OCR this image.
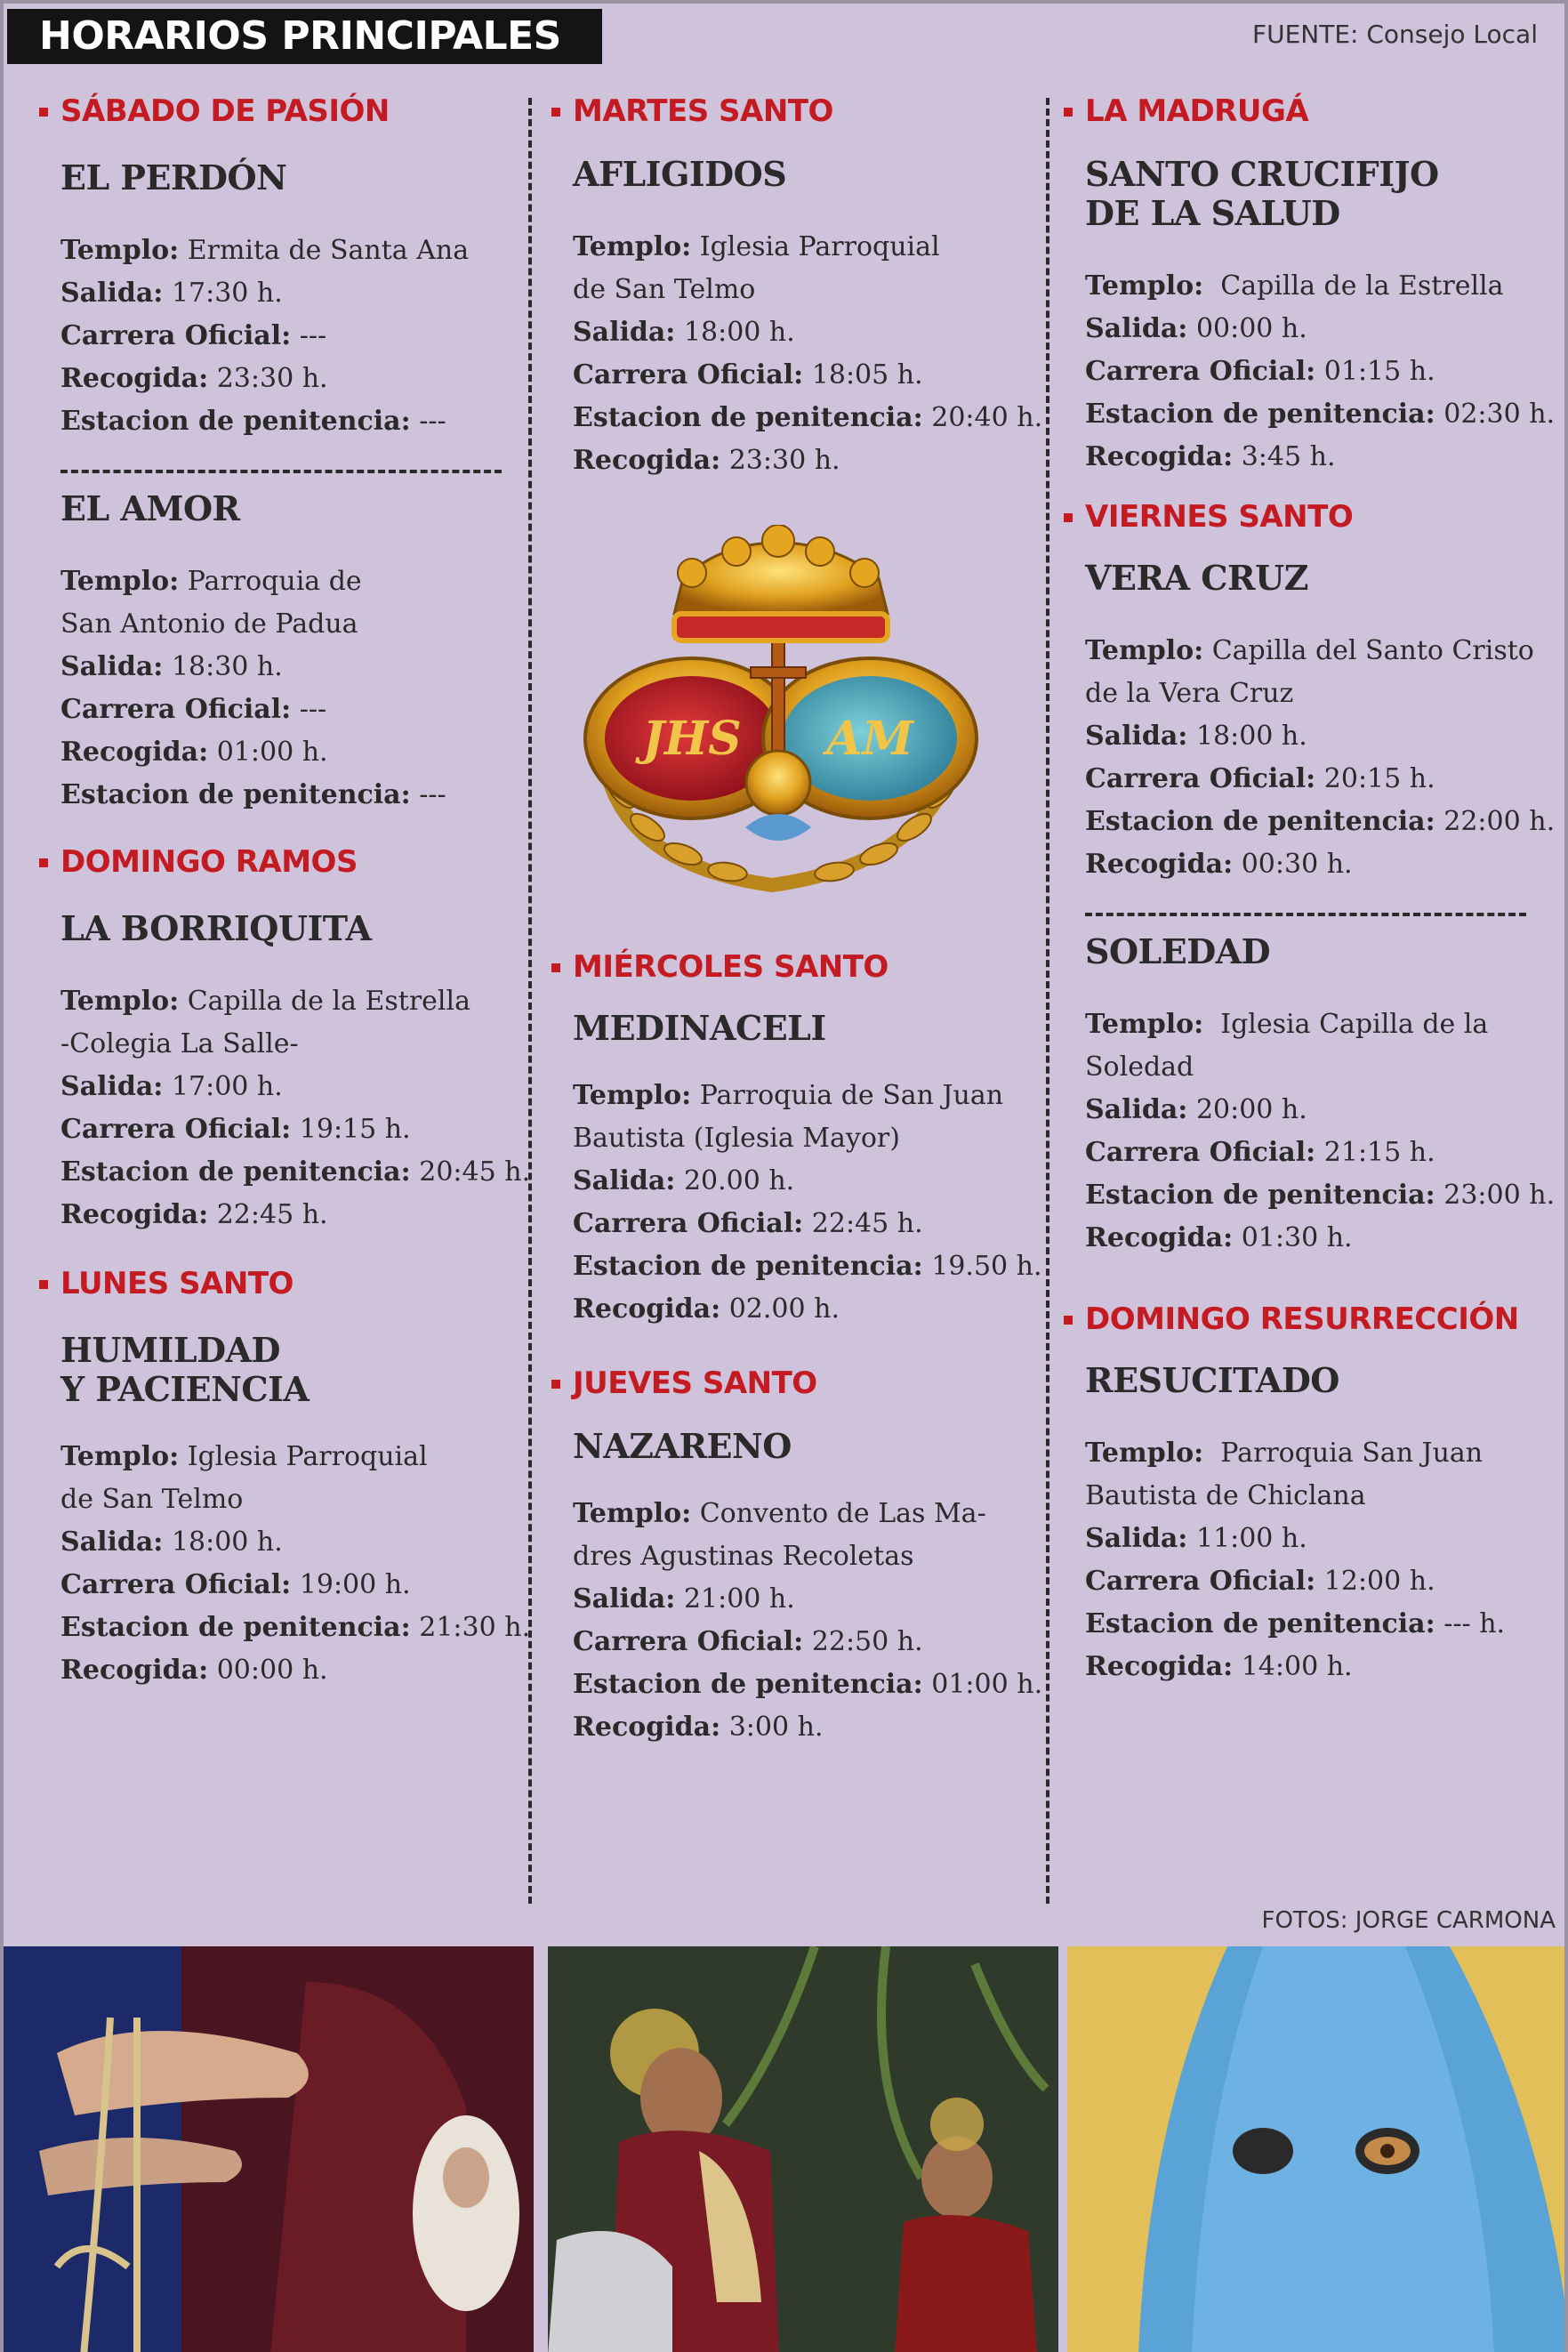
HORARIOS PRINCIPALES	FUENTE: Consejo Local
SÁBADO DE PASIÓN
EL PERDÓN
Templo: Ermita de Santa Ana
Salida: 17:30 h.
Carrera Oficial: ---
Recogida: 23:30 h.
Estacion de penitencia: ---
EL AMOR
Templo: Parroquia de
San Antonio de Padua
Salida: 18:30 h.
Carrera Oficial: ---
Recogida: 01:00 h.
Estacion de penitencia: ---
DOMINGO RAMOS
LA BORRIQUITA
Templo: Capilla de la Estrella
-Colegia La Salle-
Salida: 17:00 h.
Carrera Oficial: 19:15 h.
Estacion de penitencia: 20:45 h.
Recogida: 22:45 h.
LUNES SANTO
HUMILDAD
Y PACIENCIA
Templo: Iglesia Parroquial
de San Telmo
Salida: 18:00 h.
Carrera Oficial: 19:00 h.
Estacion de penitencia: 21:30 h.
Recogida: 00:00 h.
MARTES SANTO
AFLIGIDOS
Templo: Iglesia Parroquial
de San Telmo
Salida: 18:00 h.
Carrera Oficial: 18:05 h.
Estacion de penitencia: 20:40 h.
Recogida: 23:30 h.
JHS AM
MIÉRCOLES SANTO
MEDINACELI
Templo: Parroquia de San Juan
Bautista (Iglesia Mayor)
Salida: 20.00 h.
Carrera Oficial: 22:45 h.
Estacion de penitencia: 19.50 h.
Recogida: 02.00 h.
JUEVES SANTO
NAZARENO
Templo: Convento de Las Ma-
dres Agustinas Recoletas
Salida: 21:00 h.
Carrera Oficial: 22:50 h.
Estacion de penitencia: 01:00 h.
Recogida: 3:00 h.
LA MADRUGÁ
SANTO CRUCIFIJO
DE LA SALUD
Templo: Capilla de la Estrella
Salida: 00:00 h.
Carrera Oficial: 01:15 h.
Estacion de penitencia: 02:30 h.
Recogida: 3:45 h.
VIERNES SANTO
VERA CRUZ
Templo: Capilla del Santo Cristo
de la Vera Cruz
Salida: 18:00 h.
Carrera Oficial: 20:15 h.
Estacion de penitencia: 22:00 h.
Recogida: 00:30 h.
SOLEDAD
Templo: Iglesia Capilla de la
Soledad
Salida: 20:00 h.
Carrera Oficial: 21:15 h.
Estacion de penitencia: 23:00 h.
Recogida: 01:30 h.
DOMINGO RESURRECCIÓN
RESUCITADO
Templo: Parroquia San Juan
Bautista de Chiclana
Salida: 11:00 h.
Carrera Oficial: 12:00 h.
Estacion de penitencia: --- h.
Recogida: 14:00 h.
FOTOS: JORGE CARMONA
